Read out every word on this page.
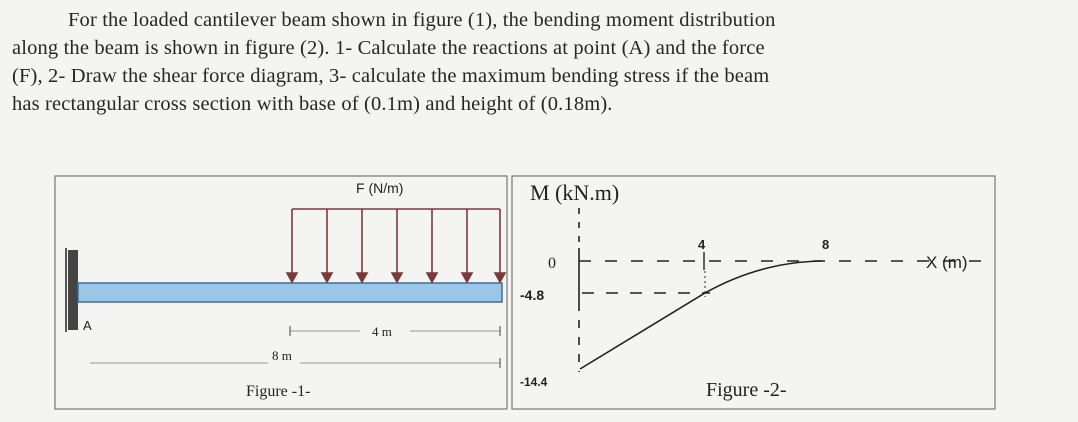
For the loaded cantilever beam shown in figure (1), the bending moment distribution
along the beam is shown in figure (2). 1- Calculate the reactions at point (A) and the force
(F), 2- Draw the shear force diagram, 3- calculate the maximum bending stress if the beam
has rectangular cross section with base of (0.1m) and height of (0.18m).
A
F (N/m)
4 m
8 m
Figure -1-
M (kN.m)
0
4	8
X (m)
-4.8
-14.4	Figure -2-
